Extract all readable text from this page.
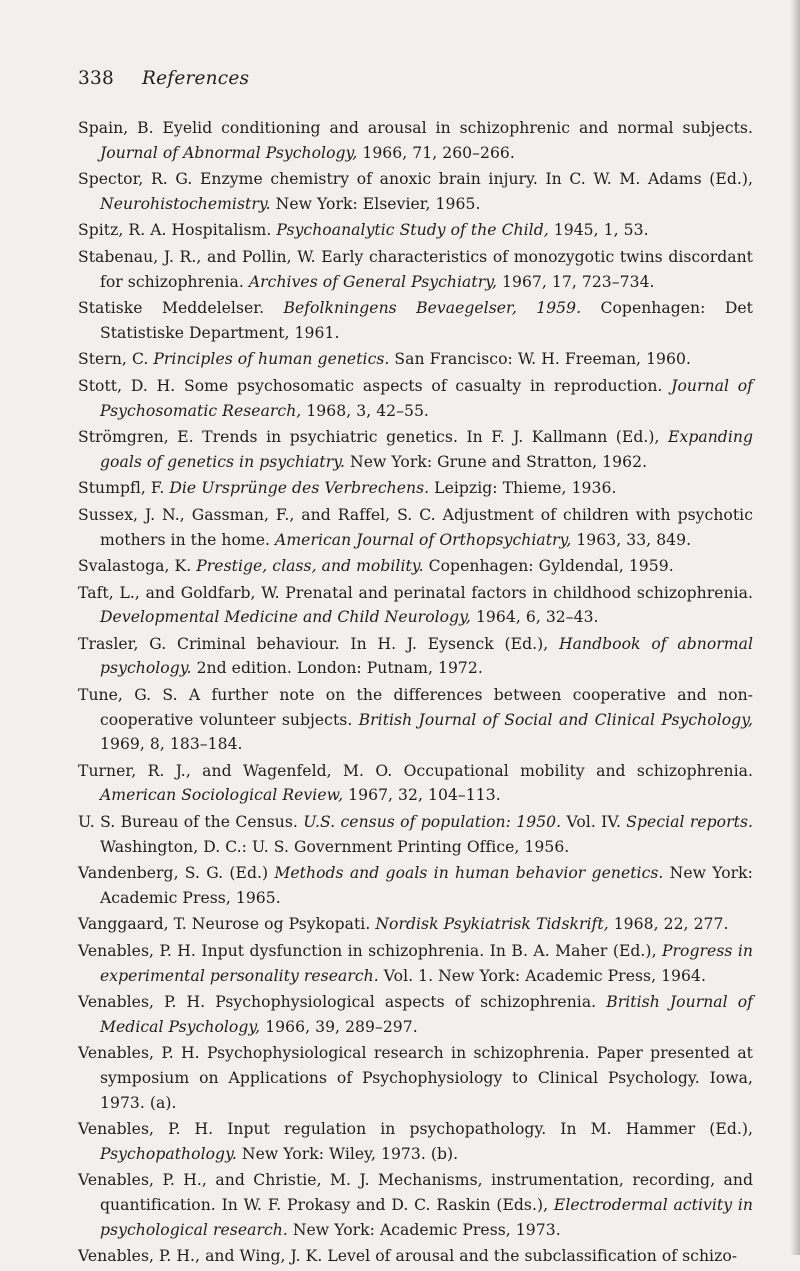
338 References

Spain, B. Eyelid conditioning and arousal in schizophrenic and normal subjects. Journal of Abnormal Psychology, 1966, 71, 260–266.

Spector, R. G. Enzyme chemistry of anoxic brain injury. In C. W. M. Adams (Ed.), Neurohistochemistry. New York: Elsevier, 1965.

Spitz, R. A. Hospitalism. Psychoanalytic Study of the Child, 1945, 1, 53.

Stabenau, J. R., and Pollin, W. Early characteristics of monozygotic twins discordant for schizophrenia. Archives of General Psychiatry, 1967, 17, 723–734.

Statiske Meddelelser. Befolkningens Bevaegelser, 1959. Copenhagen: Det Statistiske Department, 1961.

Stern, C. Principles of human genetics. San Francisco: W. H. Freeman, 1960.

Stott, D. H. Some psychosomatic aspects of casualty in reproduction. Journal of Psychosomatic Research, 1968, 3, 42–55.

Strömgren, E. Trends in psychiatric genetics. In F. J. Kallmann (Ed.), Expanding goals of genetics in psychiatry. New York: Grune and Stratton, 1962.

Stumpfl, F. Die Ursprünge des Verbrechens. Leipzig: Thieme, 1936.

Sussex, J. N., Gassman, F., and Raffel, S. C. Adjustment of children with psychotic mothers in the home. American Journal of Orthopsychiatry, 1963, 33, 849.

Svalastoga, K. Prestige, class, and mobility. Copenhagen: Gyldendal, 1959.

Taft, L., and Goldfarb, W. Prenatal and perinatal factors in childhood schizophrenia. Developmental Medicine and Child Neurology, 1964, 6, 32–43.

Trasler, G. Criminal behaviour. In H. J. Eysenck (Ed.), Handbook of abnormal psychology. 2nd edition. London: Putnam, 1972.

Tune, G. S. A further note on the differences between cooperative and non-cooperative volunteer subjects. British Journal of Social and Clinical Psychology, 1969, 8, 183–184.

Turner, R. J., and Wagenfeld, M. O. Occupational mobility and schizophrenia. American Sociological Review, 1967, 32, 104–113.

U. S. Bureau of the Census. U.S. census of population: 1950. Vol. IV. Special reports. Washington, D. C.: U. S. Government Printing Office, 1956.

Vandenberg, S. G. (Ed.) Methods and goals in human behavior genetics. New York: Academic Press, 1965.

Vanggaard, T. Neurose og Psykopati. Nordisk Psykiatrisk Tidskrift, 1968, 22, 277.

Venables, P. H. Input dysfunction in schizophrenia. In B. A. Maher (Ed.), Progress in experimental personality research. Vol. 1. New York: Academic Press, 1964.

Venables, P. H. Psychophysiological aspects of schizophrenia. British Journal of Medical Psychology, 1966, 39, 289–297.

Venables, P. H. Psychophysiological research in schizophrenia. Paper presented at symposium on Applications of Psychophysiology to Clinical Psychology. Iowa, 1973. (a).

Venables, P. H. Input regulation in psychopathology. In M. Hammer (Ed.), Psychopathology. New York: Wiley, 1973. (b).

Venables, P. H., and Christie, M. J. Mechanisms, instrumentation, recording, and quantification. In W. F. Prokasy and D. C. Raskin (Eds.), Electrodermal activity in psychological research. New York: Academic Press, 1973.

Venables, P. H., and Wing, J. K. Level of arousal and the subclassification of schizo-
